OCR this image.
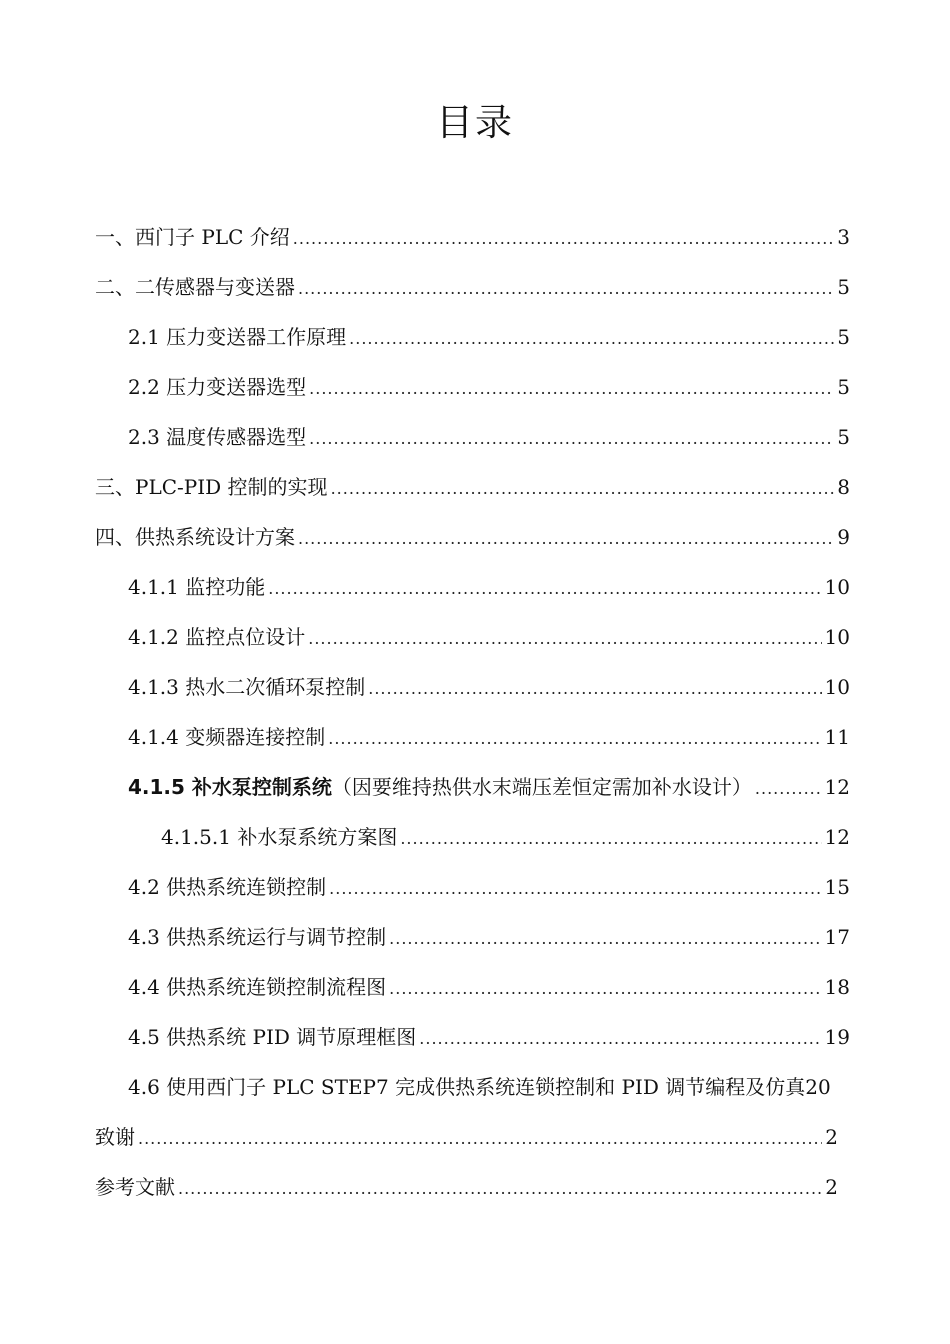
目录
一、西门子 PLC 介绍 .....	3
二、二传感器与变送器 .....	5
2.1 压力变送器工作原理 .....	5
2.2 压力变送器选型 .....	5
2.3 温度传感器选型 .....	5
三、PLC-PID 控制的实现 .....	8
四、供热系统设计方案 .....	9
4.1.1 监控功能 .....	10
4.1.2 监控点位设计 .....	10
4.1.3 热水二次循环泵控制 .....	10
4.1.4 变频器连接控制 .....	11
4.1.5 补水泵控制系统 （因要维持热供水末端压差恒定需加补水设计） .....	12
4.1.5.1 补水泵系统方案图 .....	12
4.2 供热系统连锁控制 .....	15
4.3 供热系统运行与调节控制 .....	17
4.4 供热系统连锁控制流程图 .....	18
4.5 供热系统 PID 调节原理框图 .....	19
4.6 使用西门子 PLC STEP7 完成供热系统连锁控制和 PID 调节编程及仿真 20
致谢 .....	2
参考文献 .....	2
